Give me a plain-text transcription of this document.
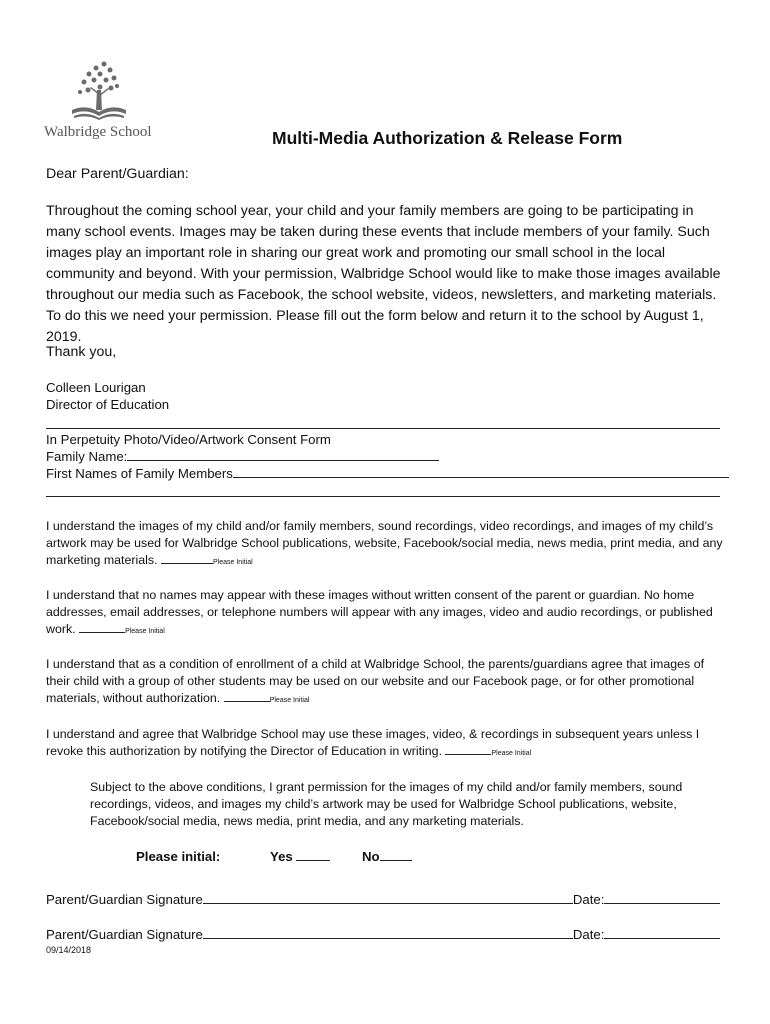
Walbridge School	Multi-Media Authorization & Release Form
Dear Parent/Guardian:
Throughout the coming school year, your child and your family members are going to be participating in many school events. Images may be taken during these events that include members of your family. Such images play an important role in sharing our great work and promoting our small school in the local community and beyond. With your permission, Walbridge School would like to make those images available throughout our media such as Facebook, the school website, videos, newsletters, and marketing materials. To do this we need your permission. Please fill out the form below and return it to the school by August 1, 2019.
Thank you,
Colleen Lourigan
Director of Education
In Perpetuity Photo/Video/Artwork Consent Form
Family Name:
First Names of Family Members
I understand the images of my child and/or family members, sound recordings, video recordings, and images of my child’s artwork may be used for Walbridge School publications, website, Facebook/social media, news media, print media, and any marketing materials.	Please Initial
I understand that no names may appear with these images without written consent of the parent or guardian. No home addresses, email addresses, or telephone numbers will appear with any images, video and audio recordings, or published work.	Please Initial
I understand that as a condition of enrollment of a child at Walbridge School, the parents/guardians agree that images of their child with a group of other students may be used on our website and our Facebook page, or for other promotional materials, without authorization.	Please Initial
I understand and agree that Walbridge School may use these images, video, & recordings in subsequent years unless I revoke this authorization by notifying the Director of Education in writing.	Please Initial
Subject to the above conditions, I grant permission for the images of my child and/or family members, sound recordings, videos, and images my child’s artwork may be used for Walbridge School publications, website, Facebook/social media, news media, print media, and any marketing materials.
Please initial:	Yes	No
Parent/Guardian Signature	Date:
Parent/Guardian Signature	Date:
09/14/2018
